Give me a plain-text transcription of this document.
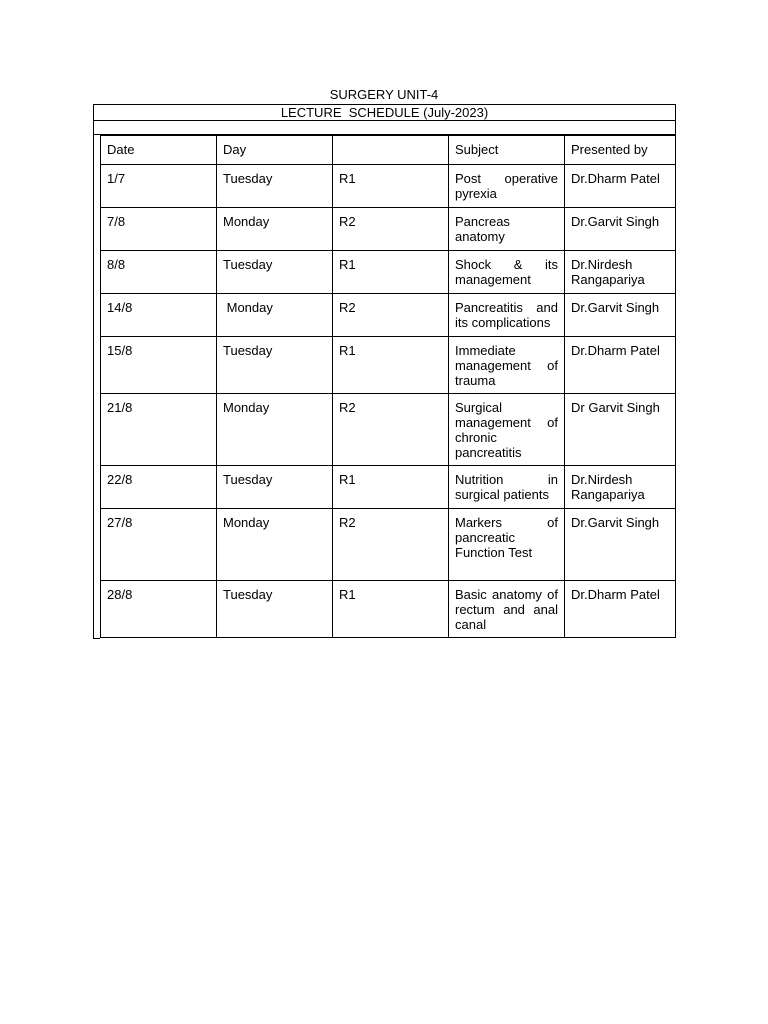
SURGERY UNIT-4
LECTURE  SCHEDULE (July-2023)
Date	Day		Subject	Presented by
1/7	Tuesday	R1	Post operative pyrexia	Dr.Dharm Patel
7/8	Monday	R2	Pancreas anatomy	Dr.Garvit Singh
8/8	Tuesday	R1	Shock & its management	Dr.Nirdesh Rangapariya
14/8	Monday	R2	Pancreatitis and its complications	Dr.Garvit Singh
15/8	Tuesday	R1	Immediate management of trauma	Dr.Dharm Patel
21/8	Monday	R2	Surgical management of chronic pancreatitis	Dr Garvit Singh
22/8	Tuesday	R1	Nutrition in surgical patients	Dr.Nirdesh Rangapariya
27/8	Monday	R2	Markers of pancreatic Function Test	Dr.Garvit Singh
28/8	Tuesday	R1	Basic anatomy of rectum and anal canal	Dr.Dharm Patel
